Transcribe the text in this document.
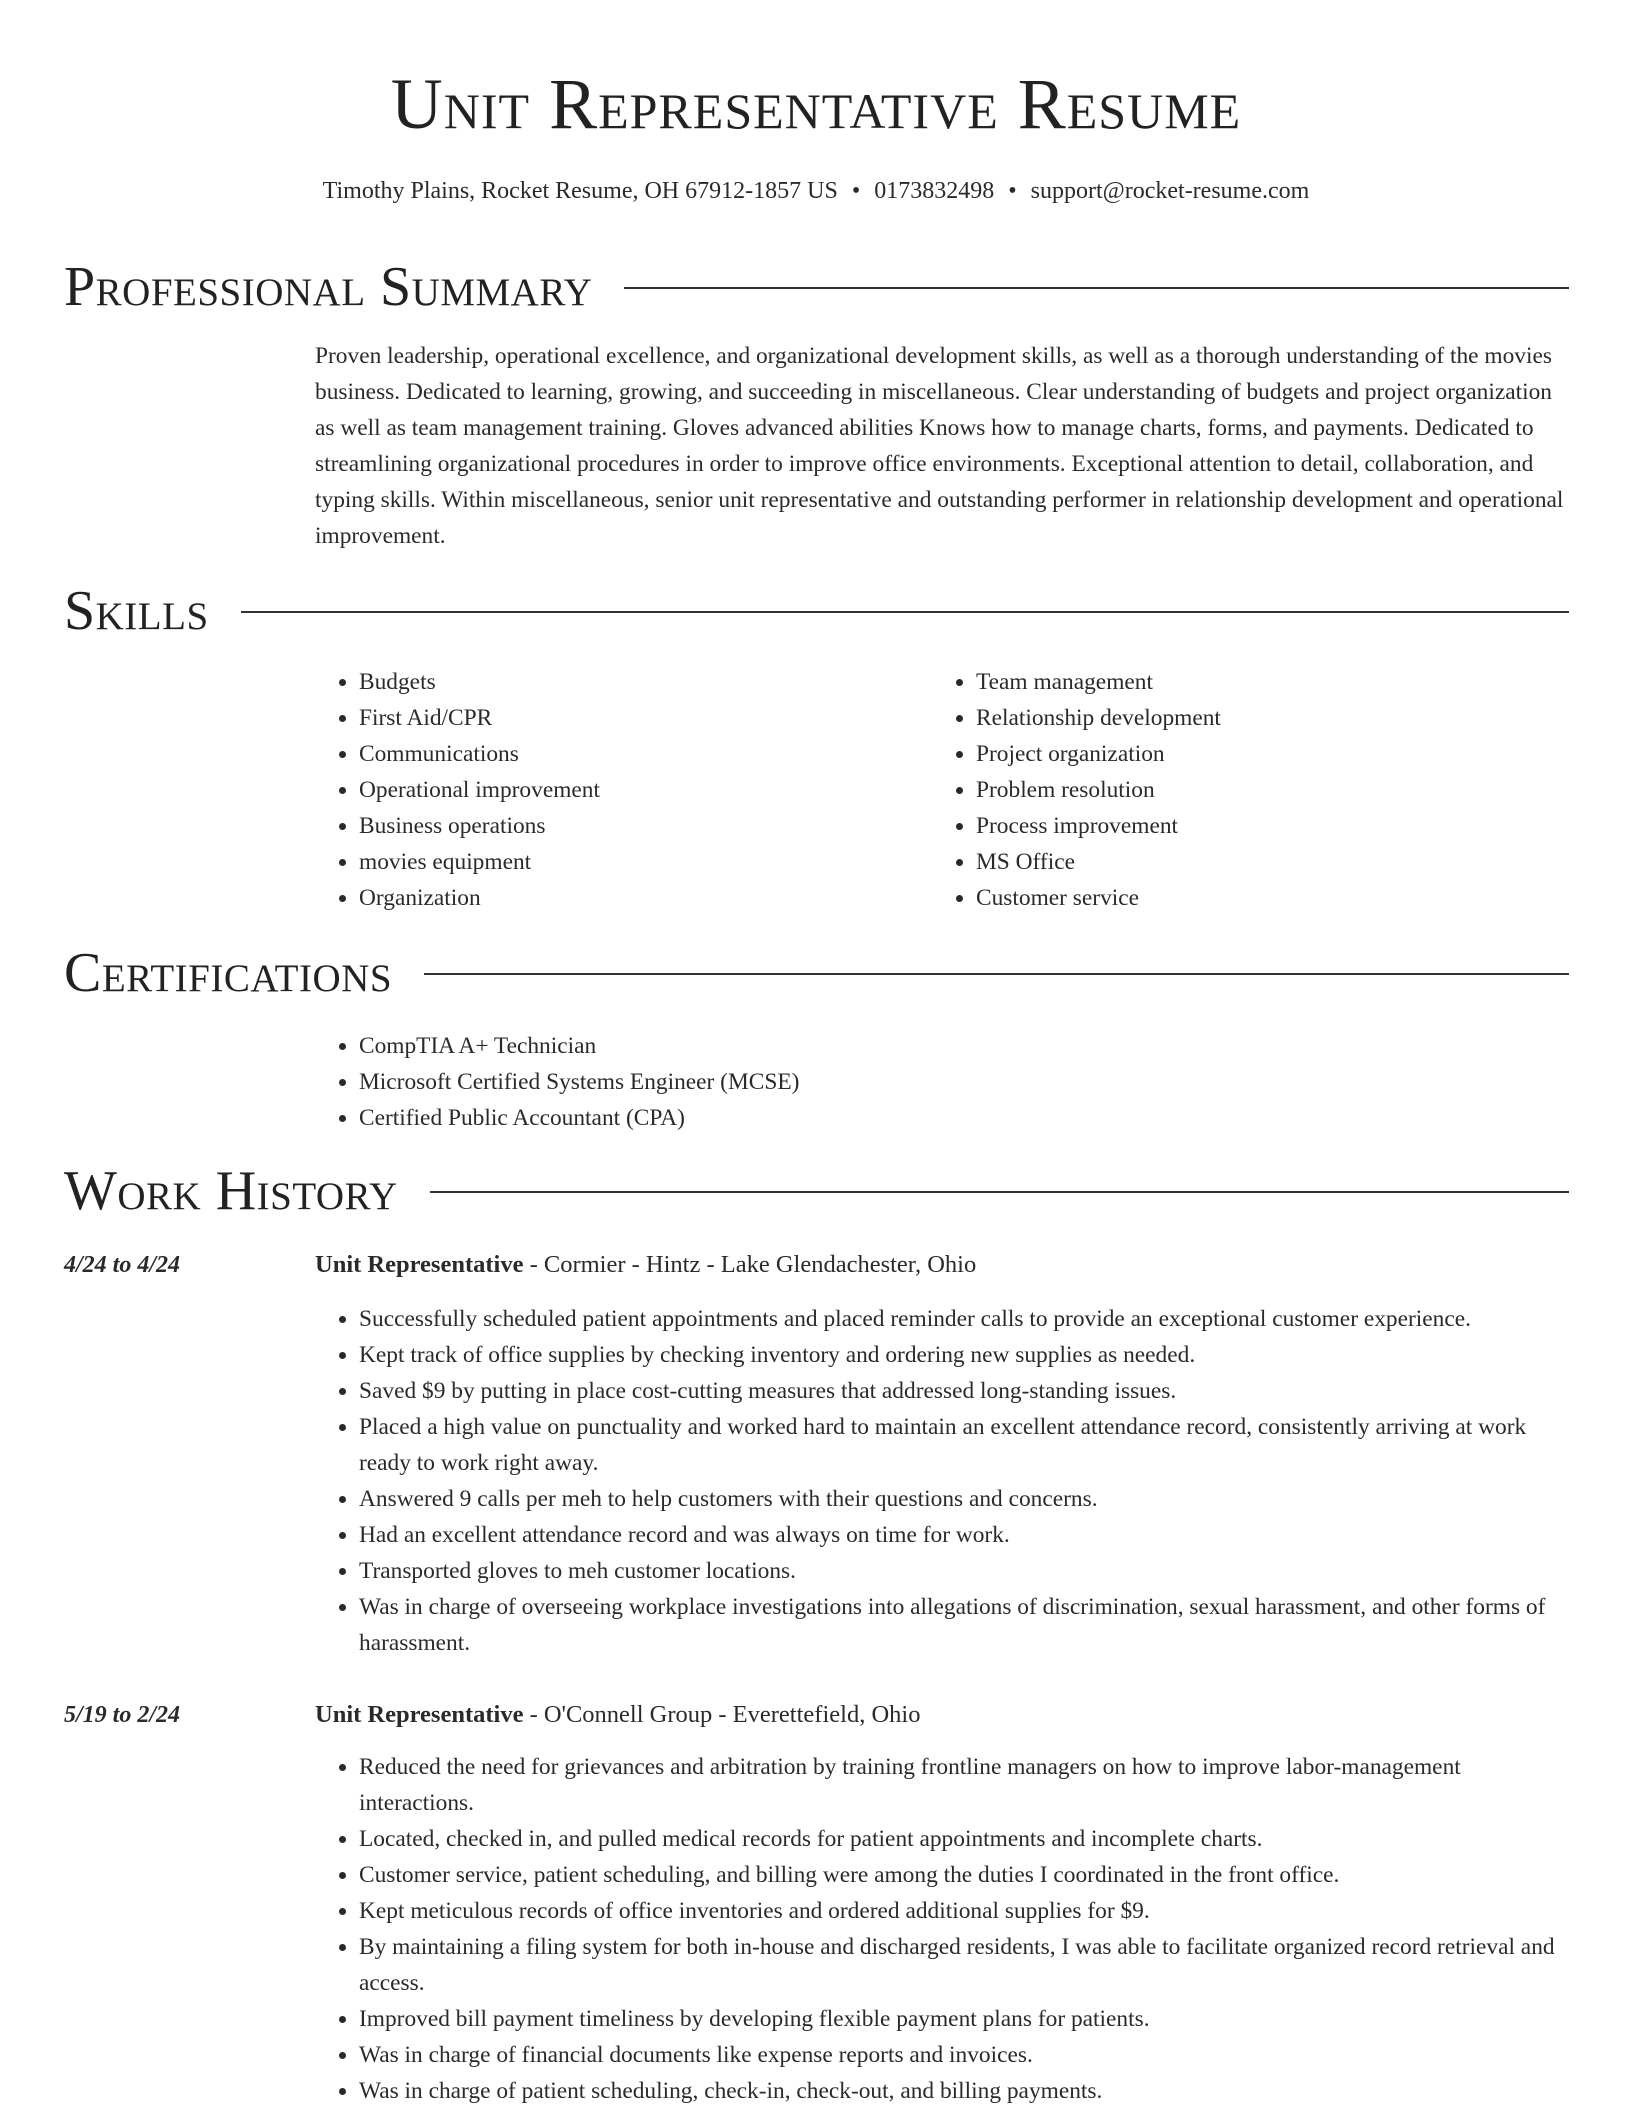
Unit Representative Resume
Timothy Plains, Rocket Resume, OH 67912-1857 US • 0173832498 • support@rocket-resume.com
Professional Summary

Proven leadership, operational excellence, and organizational development skills, as well as a thorough understanding of the movies business. Dedicated to learning, growing, and succeeding in miscellaneous. Clear understanding of budgets and project organization as well as team management training. Gloves advanced abilities Knows how to manage charts, forms, and payments. Dedicated to streamlining organizational procedures in order to improve office environments. Exceptional attention to detail, collaboration, and typing skills. Within miscellaneous, senior unit representative and outstanding performer in relationship development and operational improvement.

Skills
• Budgets
• First Aid/CPR
• Communications
• Operational improvement
• Business operations
• movies equipment
• Organization
• Team management
• Relationship development
• Project organization
• Problem resolution
• Process improvement
• MS Office
• Customer service
Certifications
• CompTIA A+ Technician
• Microsoft Certified Systems Engineer (MCSE)
• Certified Public Accountant (CPA)
Work History
4/24 to 4/24	Unit Representative - Cormier - Hintz - Lake Glendachester, Ohio
• Successfully scheduled patient appointments and placed reminder calls to provide an exceptional customer experience.
• Kept track of office supplies by checking inventory and ordering new supplies as needed.
• Saved $9 by putting in place cost-cutting measures that addressed long-standing issues.
• Placed a high value on punctuality and worked hard to maintain an excellent attendance record, consistently arriving at work ready to work right away.
• Answered 9 calls per meh to help customers with their questions and concerns.
• Had an excellent attendance record and was always on time for work.
• Transported gloves to meh customer locations.
• Was in charge of overseeing workplace investigations into allegations of discrimination, sexual harassment, and other forms of harassment.
5/19 to 2/24	Unit Representative - O'Connell Group - Everettefield, Ohio
• Reduced the need for grievances and arbitration by training frontline managers on how to improve labor-management interactions.
• Located, checked in, and pulled medical records for patient appointments and incomplete charts.
• Customer service, patient scheduling, and billing were among the duties I coordinated in the front office.
• Kept meticulous records of office inventories and ordered additional supplies for $9.
• By maintaining a filing system for both in-house and discharged residents, I was able to facilitate organized record retrieval and access.
• Improved bill payment timeliness by developing flexible payment plans for patients.
• Was in charge of financial documents like expense reports and invoices.
• Was in charge of patient scheduling, check-in, check-out, and billing payments.
